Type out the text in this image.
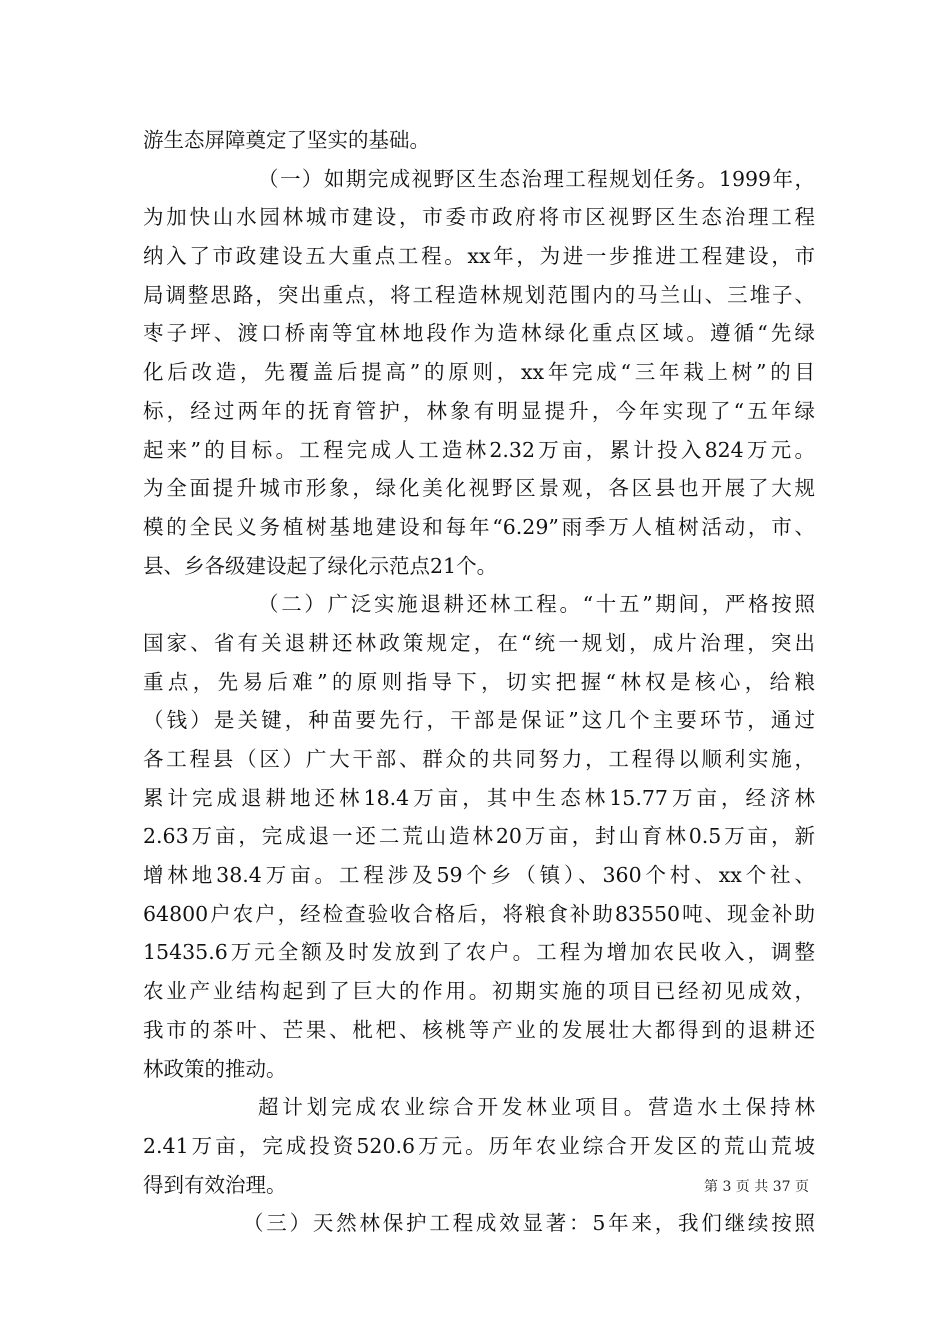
游生态屏障奠定了坚实的基础。
（一）如期完成视野区生态治理工程规划任务。1999年，
为加快山水园林城市建设，市委市政府将市区视野区生态治理工程
纳入了市政建设五大重点工程。xx年，为进一步推进工程建设，市
局调整思路，突出重点，将工程造林规划范围内的马兰山、三堆子、
枣子坪、渡口桥南等宜林地段作为造林绿化重点区域。遵循“先绿
化后改造，先覆盖后提高”的原则，xx年完成“三年栽上树”的目
标，经过两年的抚育管护，林象有明显提升，今年实现了“五年绿
起来”的目标。工程完成人工造林2.32万亩，累计投入824万元。
为全面提升城市形象，绿化美化视野区景观，各区县也开展了大规
模的全民义务植树基地建设和每年“6.29”雨季万人植树活动，市、
县、乡各级建设起了绿化示范点21个。
（二）广泛实施退耕还林工程。“十五”期间，严格按照
国家、省有关退耕还林政策规定，在“统一规划，成片治理，突出
重点，先易后难”的原则指导下，切实把握“林权是核心，给粮
（钱）是关键，种苗要先行，干部是保证”这几个主要环节，通过
各工程县（区）广大干部、群众的共同努力，工程得以顺利实施，
累计完成退耕地还林18.4万亩，其中生态林15.77万亩，经济林
2.63万亩，完成退一还二荒山造林20万亩，封山育林0.5万亩，新
增林地38.4万亩。工程涉及59个乡（镇）、360个村、xx个社、
64800户农户，经检查验收合格后，将粮食补助83550吨、现金补助
15435.6万元全额及时发放到了农户。工程为增加农民收入，调整
农业产业结构起到了巨大的作用。初期实施的项目已经初见成效，
我市的茶叶、芒果、枇杷、核桃等产业的发展壮大都得到的退耕还
林政策的推动。
超计划完成农业综合开发林业项目。营造水土保持林
2.41万亩，完成投资520.6万元。历年农业综合开发区的荒山荒坡
得到有效治理。
（三）天然林保护工程成效显著：5年来，我们继续按照
第 3 页 共 37 页
